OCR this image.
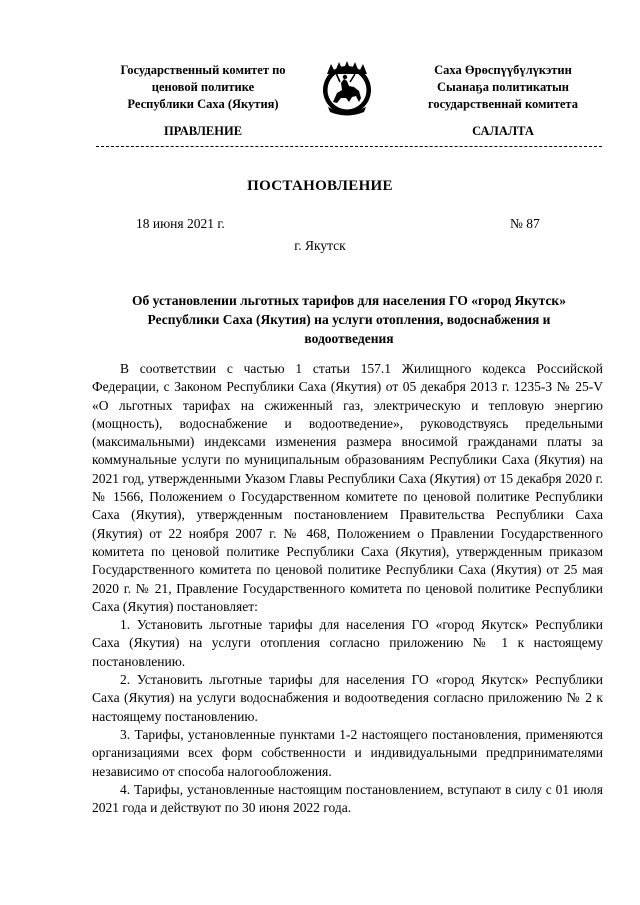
Государственный комитет по
ценовой политике
Республики Саха (Якутия)
Саха Өрөспүүбүлүкэтин
Сыанаҕа политикатын
государственнай комитета
ПРАВЛЕНИЕ	САЛАЛТА
ПОСТАНОВЛЕНИЕ
18 июня 2021 г.	№ 87
г. Якутск
Об установлении льготных тарифов для населения ГО «город Якутск»
Республики Саха (Якутия) на услуги отопления, водоснабжения и
водоотведения

В соответствии с частью 1 статьи 157.1 Жилищного кодекса Российской Федерации, с Законом Республики Саха (Якутия) от 05 декабря 2013 г. 1235-З № 25-V «О льготных тарифах на сжиженный газ, электрическую и тепловую энергию (мощность), водоснабжение и водоотведение», руководствуясь предельными (максимальными) индексами изменения размера вносимой гражданами платы за коммунальные услуги по муниципальным образованиям Республики Саха (Якутия) на 2021 год, утвержденными Указом Главы Республики Саха (Якутия) от 15 декабря 2020 г. № 1566, Положением о Государственном комитете по ценовой политике Республики Саха (Якутия), утвержденным постановлением Правительства Республики Саха (Якутия) от 22 ноября 2007 г. № 468, Положением о Правлении Государственного комитета по ценовой политике Республики Саха (Якутия), утвержденным приказом Государственного комитета по ценовой политике Республики Саха (Якутия) от 25 мая 2020 г. № 21, Правление Государственного комитета по ценовой политике Республики Саха (Якутия) постановляет:

1. Установить льготные тарифы для населения ГО «город Якутск» Республики Саха (Якутия) на услуги отопления согласно приложению № 1 к настоящему постановлению.

2. Установить льготные тарифы для населения ГО «город Якутск» Республики Саха (Якутия) на услуги водоснабжения и водоотведения согласно приложению № 2 к настоящему постановлению.

3. Тарифы, установленные пунктами 1-2 настоящего постановления, применяются организациями всех форм собственности и индивидуальными предпринимателями независимо от способа налогообложения.

4. Тарифы, установленные настоящим постановлением, вступают в силу с 01 июля 2021 года и действуют по 30 июня 2022 года.
